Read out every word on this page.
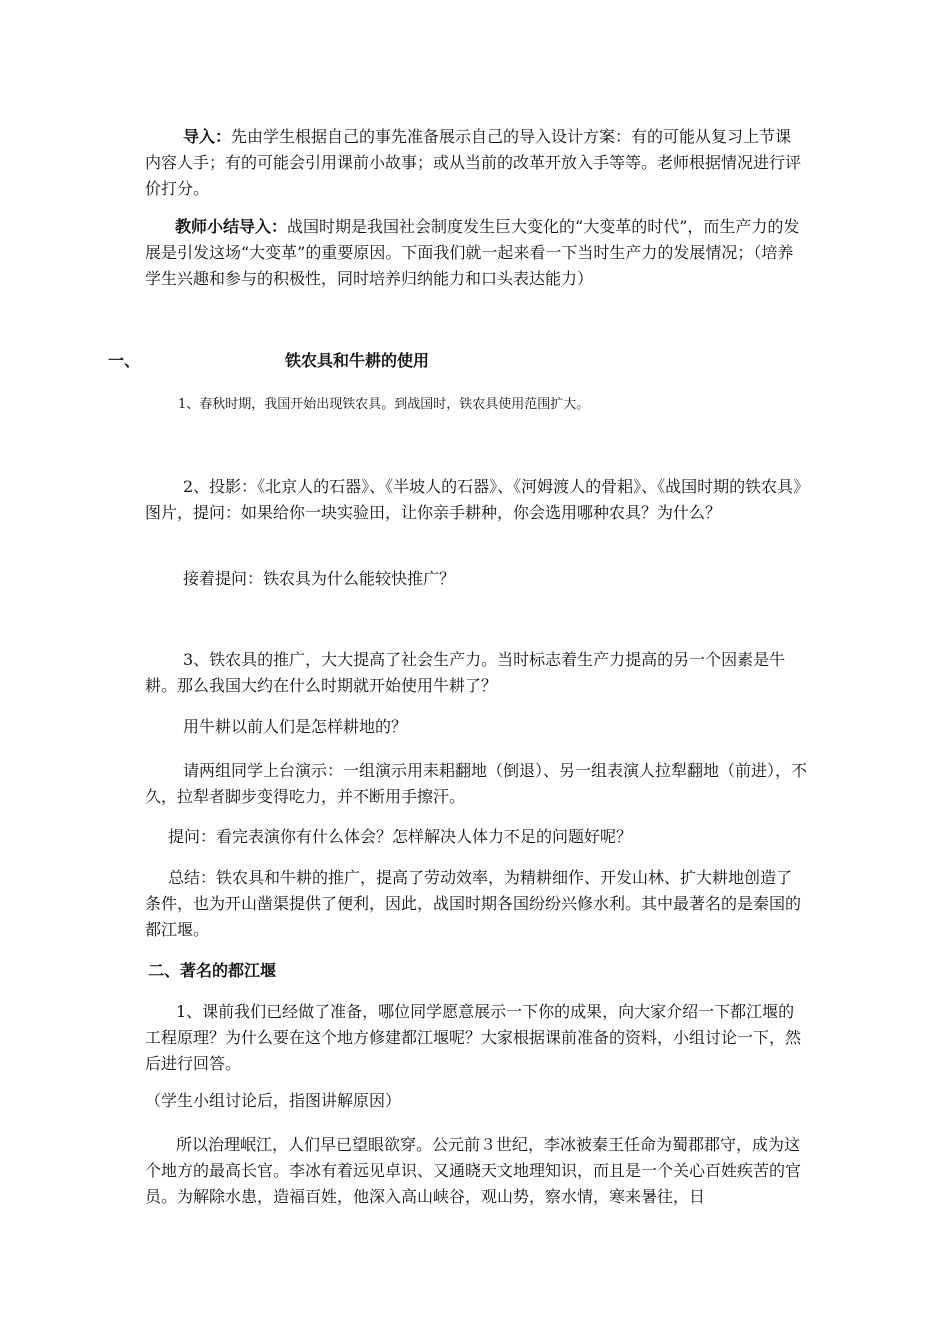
导入：先由学生根据自己的事先准备展示自己的导入设计方案：有的可能从复习上节课内容人手；有的可能会引用课前小故事；或从当前的改革开放入手等等。老师根据情况进行评价打分。
教师小结导入：战国时期是我国社会制度发生巨大变化的“大变革的时代”，而生产力的发展是引发这场“大变革”的重要原因。下面我们就一起来看一下当时生产力的发展情况；（培养学生兴趣和参与的积极性，同时培养归纳能力和口头表达能力）
一、	铁农具和牛耕的使用
1、春秋时期，我国开始出现铁农具。到战国时，铁农具使用范围扩大。
2、投影：《北京人的石器》、《半坡人的石器》、《河姆渡人的骨耜》、《战国时期的铁农具》图片，提问：如果给你一块实验田，让你亲手耕种，你会选用哪种农具？为什么？
接着提问：铁农具为什么能较快推广？
3、铁农具的推广，大大提高了社会生产力。当时标志着生产力提高的另一个因素是牛耕。那么我国大约在什么时期就开始使用牛耕了？
用牛耕以前人们是怎样耕地的？
请两组同学上台演示：一组演示用耒耜翻地（倒退）、另一组表演人拉犁翻地（前进），不久，拉犁者脚步变得吃力，并不断用手擦汗。
提问：看完表演你有什么体会？怎样解决人体力不足的问题好呢？
总结：铁农具和牛耕的推广，提高了劳动效率，为精耕细作、开发山林、扩大耕地创造了条件，也为开山凿渠提供了便利，因此，战国时期各国纷纷兴修水利。其中最著名的是秦国的都江堰。
二、著名的都江堰
1、课前我们已经做了准备，哪位同学愿意展示一下你的成果，向大家介绍一下都江堰的工程原理？为什么要在这个地方修建都江堰呢？大家根据课前准备的资料，小组讨论一下，然后进行回答。
（学生小组讨论后，指图讲解原因）
所以治理岷江，人们早已望眼欲穿。公元前３世纪，李冰被秦王任命为蜀郡郡守，成为这个地方的最高长官。李冰有着远见卓识、又通晓天文地理知识，而且是一个关心百姓疾苦的官员。为解除水患，造福百姓，他深入高山峡谷，观山势，察水情，寒来暑往，日
